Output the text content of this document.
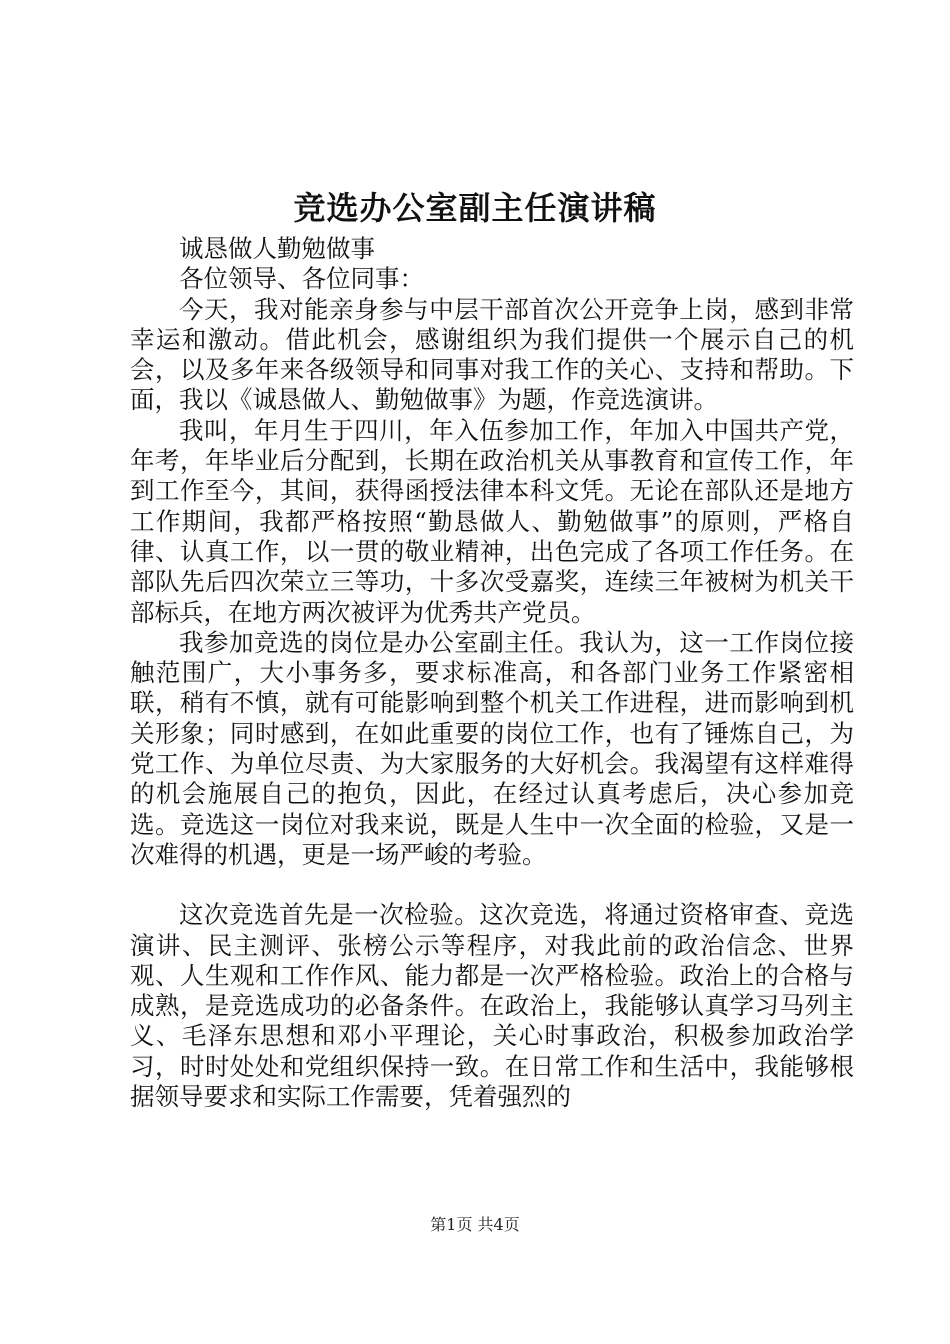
竞选办公室副主任演讲稿

诚恳做人勤勉做事

各位领导、各位同事：

今天，我对能亲身参与中层干部首次公开竞争上岗，感到非常幸运和激动。借此机会，感谢组织为我们提供一个展示自己的机会，以及多年来各级领导和同事对我工作的关心、支持和帮助。下面，我以《诚恳做人、勤勉做事》为题，作竞选演讲。

我叫，年月生于四川，年入伍参加工作，年加入中国共产党，年考，年毕业后分配到，长期在政治机关从事教育和宣传工作，年到工作至今，其间，获得函授法律本科文凭。无论在部队还是地方工作期间，我都严格按照“勤恳做人、勤勉做事”的原则，严格自律、认真工作，以一贯的敬业精神，出色完成了各项工作任务。在部队先后四次荣立三等功，十多次受嘉奖，连续三年被树为机关干部标兵，在地方两次被评为优秀共产党员。

我参加竞选的岗位是办公室副主任。我认为，这一工作岗位接触范围广，大小事务多，要求标准高，和各部门业务工作紧密相联，稍有不慎，就有可能影响到整个机关工作进程，进而影响到机关形象；同时感到，在如此重要的岗位工作，也有了锤炼自己，为党工作、为单位尽责、为大家服务的大好机会。我渴望有这样难得的机会施展自己的抱负，因此，在经过认真考虑后，决心参加竞选。竞选这一岗位对我来说，既是人生中一次全面的检验，又是一次难得的机遇，更是一场严峻的考验。

这次竞选首先是一次检验。这次竞选，将通过资格审查、竞选演讲、民主测评、张榜公示等程序，对我此前的政治信念、世界观、人生观和工作作风、能力都是一次严格检验。政治上的合格与成熟，是竞选成功的必备条件。在政治上，我能够认真学习马列主义、毛泽东思想和邓小平理论，关心时事政治，积极参加政治学习，时时处处和党组织保持一致。在日常工作和生活中，我能够根据领导要求和实际工作需要，凭着强烈的

第1页 共4页
